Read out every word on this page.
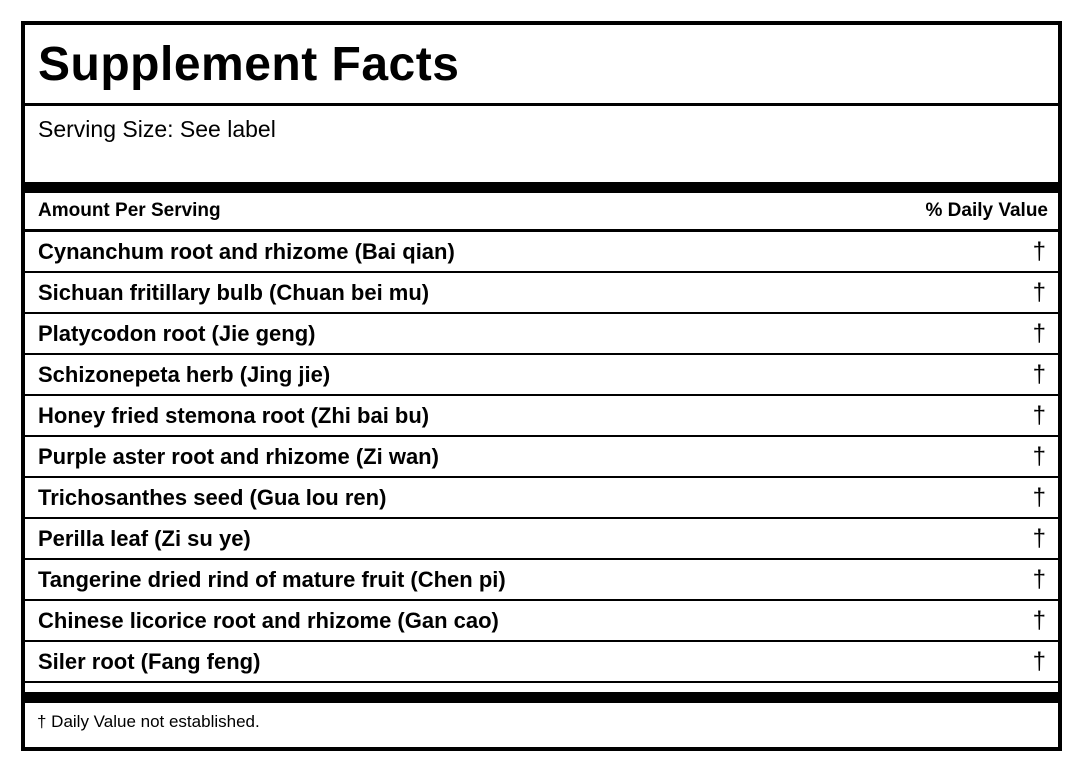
Supplement Facts
Serving Size: See label
Amount Per Serving	% Daily Value
Cynanchum root and rhizome (Bai qian)	†
Sichuan fritillary bulb (Chuan bei mu)	†
Platycodon root (Jie geng)	†
Schizonepeta herb (Jing jie)	†
Honey fried stemona root (Zhi bai bu)	†
Purple aster root and rhizome (Zi wan)	†
Trichosanthes seed (Gua lou ren)	†
Perilla leaf (Zi su ye)	†
Tangerine dried rind of mature fruit (Chen pi)	†
Chinese licorice root and rhizome (Gan cao)	†
Siler root (Fang feng)	†
† Daily Value not established.
